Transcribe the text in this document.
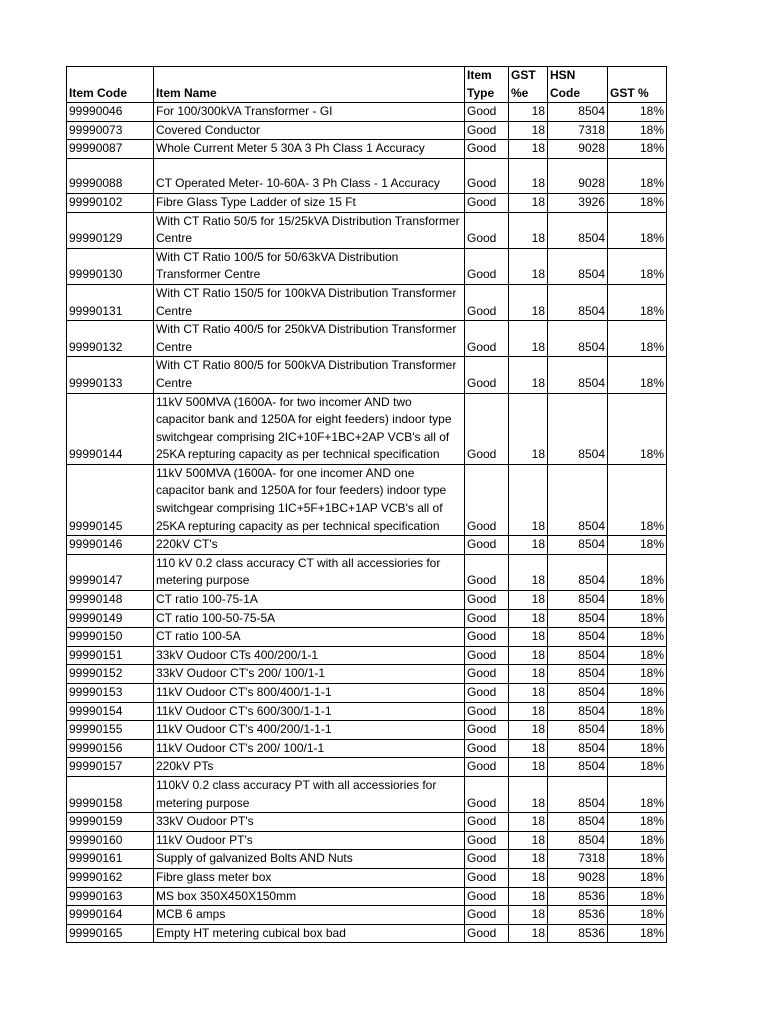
Item Code	Item Name	Item Type	GST %e	HSN Code	GST %
99990046	For 100/300kVA Transformer - GI	Good	18	8504	18%
99990073	Covered Conductor	Good	18	7318	18%
99990087	Whole Current Meter 5 30A 3 Ph Class 1 Accuracy	Good	18	9028	18%
99990088	CT Operated Meter- 10-60A- 3 Ph Class - 1 Accuracy	Good	18	9028	18%
99990102	Fibre Glass Type Ladder of size 15 Ft	Good	18	3926	18%
99990129	With CT Ratio 50/5 for 15/25kVA Distribution Transformer Centre	Good	18	8504	18%
99990130	With CT Ratio 100/5 for 50/63kVA Distribution Transformer Centre	Good	18	8504	18%
99990131	With CT Ratio 150/5 for 100kVA Distribution Transformer Centre	Good	18	8504	18%
99990132	With CT Ratio 400/5 for 250kVA Distribution Transformer Centre	Good	18	8504	18%
99990133	With CT Ratio 800/5 for 500kVA Distribution Transformer Centre	Good	18	8504	18%
99990144	11kV 500MVA (1600A- for two incomer AND two capacitor bank and 1250A for eight feeders) indoor type switchgear comprising 2IC+10F+1BC+2AP VCB's all of 25KA repturing capacity as per technical specification	Good	18	8504	18%
99990145	11kV 500MVA (1600A- for one incomer AND one capacitor bank and 1250A for four feeders) indoor type switchgear comprising 1IC+5F+1BC+1AP VCB's all of 25KA repturing capacity as per technical specification	Good	18	8504	18%
99990146	220kV CT's	Good	18	8504	18%
99990147	110 kV 0.2 class accuracy CT with all accessiories for metering purpose	Good	18	8504	18%
99990148	CT ratio 100-75-1A	Good	18	8504	18%
99990149	CT ratio 100-50-75-5A	Good	18	8504	18%
99990150	CT ratio 100-5A	Good	18	8504	18%
99990151	33kV Oudoor CTs 400/200/1-1	Good	18	8504	18%
99990152	33kV Oudoor CT's 200/ 100/1-1	Good	18	8504	18%
99990153	11kV Oudoor CT's 800/400/1-1-1	Good	18	8504	18%
99990154	11kV Oudoor CT's 600/300/1-1-1	Good	18	8504	18%
99990155	11kV Oudoor CT's 400/200/1-1-1	Good	18	8504	18%
99990156	11kV Oudoor CT's 200/ 100/1-1	Good	18	8504	18%
99990157	220kV PTs	Good	18	8504	18%
99990158	110kV 0.2 class accuracy PT with all accessiories for metering purpose	Good	18	8504	18%
99990159	33kV Oudoor PT's	Good	18	8504	18%
99990160	11kV Oudoor PT's	Good	18	8504	18%
99990161	Supply of galvanized Bolts AND Nuts	Good	18	7318	18%
99990162	Fibre glass meter box	Good	18	9028	18%
99990163	MS box 350X450X150mm	Good	18	8536	18%
99990164	MCB 6 amps	Good	18	8536	18%
99990165	Empty HT metering cubical box bad	Good	18	8536	18%
